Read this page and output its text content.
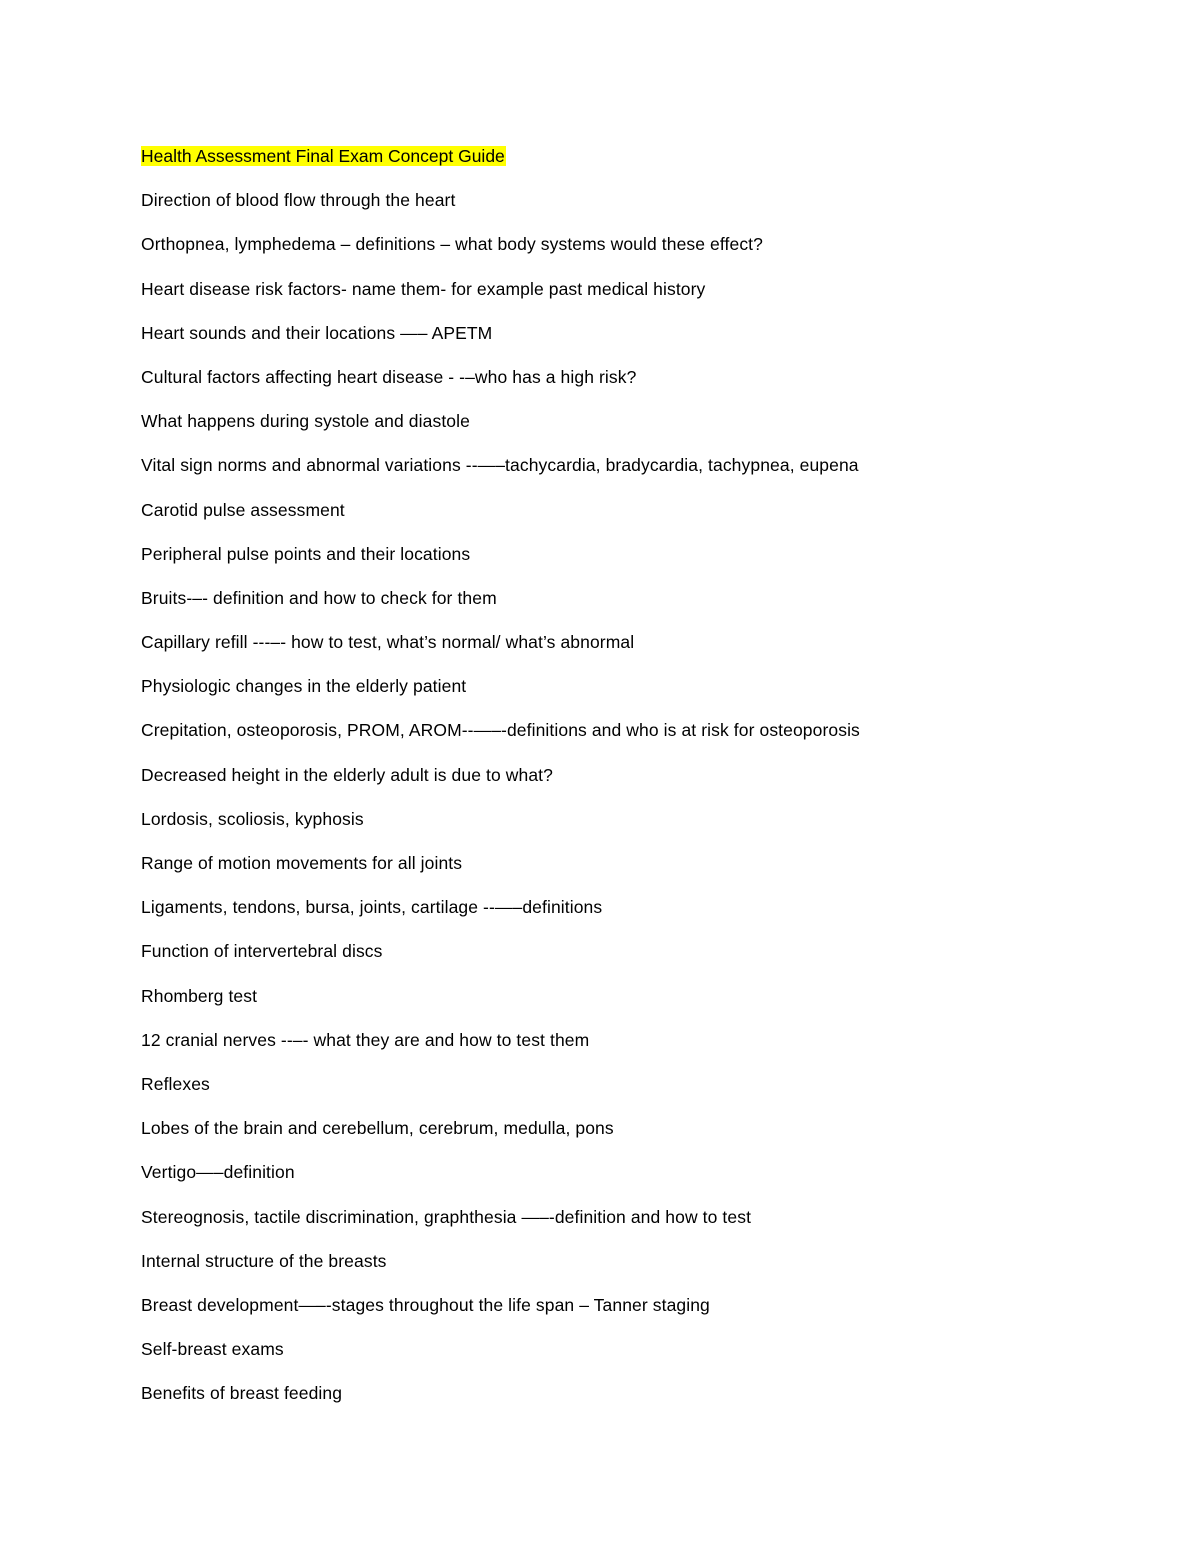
Health Assessment Final Exam Concept Guide
Direction of blood flow through the heart
Orthopnea, lymphedema – definitions – what body systems would these effect?
Heart disease risk factors- name them- for example past medical history
Heart sounds and their locations —– APETM
Cultural factors affecting heart disease - -–who has a high risk?
What happens during systole and diastole
Vital sign norms and abnormal variations --—–tachycardia, bradycardia, tachypnea, eupena
Carotid pulse assessment
Peripheral pulse points and their locations
Bruits-–- definition and how to check for them
Capillary refill ---–- how to test, what’s normal/ what’s abnormal
Physiologic changes in the elderly patient
Crepitation, osteoporosis, PROM, AROM--—–-definitions and who is at risk for osteoporosis
Decreased height in the elderly adult is due to what?
Lordosis, scoliosis, kyphosis
Range of motion movements for all joints
Ligaments, tendons, bursa, joints, cartilage --—–definitions
Function of intervertebral discs
Rhomberg test
12 cranial nerves --–- what they are and how to test them
Reflexes
Lobes of the brain and cerebellum, cerebrum, medulla, pons
Vertigo—–definition
Stereognosis, tactile discrimination, graphthesia —–-definition and how to test
Internal structure of the breasts
Breast development—–-stages throughout the life span – Tanner staging
Self-breast exams
Benefits of breast feeding
